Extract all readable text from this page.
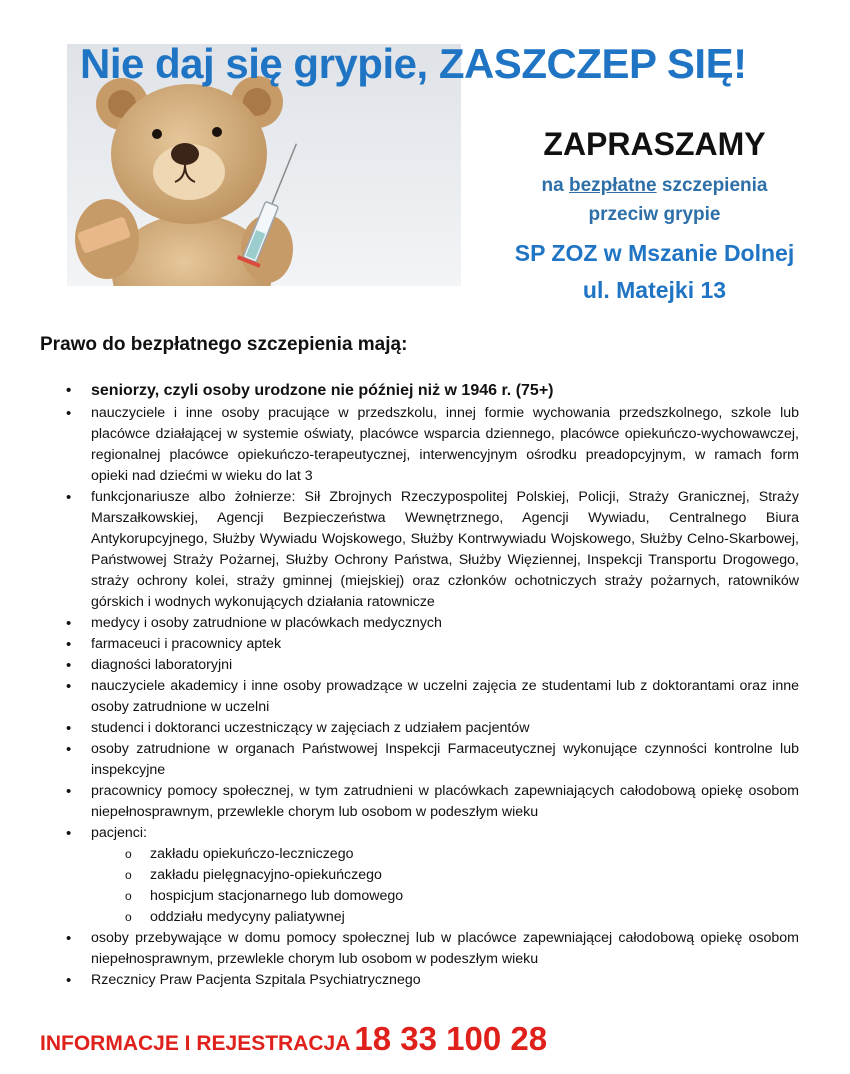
Nie daj się grypie, ZASZCZEP SIĘ!

ZAPRASZAMY

na bezpłatne szczepienia

przeciw grypie

SP ZOZ w Mszanie Dolnej

ul. Matejki 13

Prawo do bezpłatnego szczepienia mają:
• seniorzy, czyli osoby urodzone nie później niż w 1946 r. (75+)
• nauczyciele i inne osoby pracujące w przedszkolu, innej formie wychowania przedszkolnego, szkole lub placówce działającej w systemie oświaty, placówce wsparcia dziennego, placówce opiekuńczo-wychowawczej, regionalnej placówce opiekuńczo-terapeutycznej, interwencyjnym ośrodku preadopcyjnym, w ramach form opieki nad dziećmi w wieku do lat 3
• funkcjonariusze albo żołnierze: Sił Zbrojnych Rzeczypospolitej Polskiej, Policji, Straży Granicznej, Straży Marszałkowskiej, Agencji Bezpieczeństwa Wewnętrznego, Agencji Wywiadu, Centralnego Biura Antykorupcyjnego, Służby Wywiadu Wojskowego, Służby Kontrwywiadu Wojskowego, Służby Celno-Skarbowej, Państwowej Straży Pożarnej, Służby Ochrony Państwa, Służby Więziennej, Inspekcji Transportu Drogowego, straży ochrony kolei, straży gminnej (miejskiej) oraz członków ochotniczych straży pożarnych, ratowników górskich i wodnych wykonujących działania ratownicze
• medycy i osoby zatrudnione w placówkach medycznych
• farmaceuci i pracownicy aptek
• diagności laboratoryjni
• nauczyciele akademicy i inne osoby prowadzące w uczelni zajęcia ze studentami lub z doktorantami oraz inne osoby zatrudnione w uczelni
• studenci i doktoranci uczestniczący w zajęciach z udziałem pacjentów
• osoby zatrudnione w organach Państwowej Inspekcji Farmaceutycznej wykonujące czynności kontrolne lub inspekcyjne
• pracownicy pomocy społecznej, w tym zatrudnieni w placówkach zapewniających całodobową opiekę osobom niepełnosprawnym, przewlekle chorym lub osobom w podeszłym wieku
• pacjenci:
o zakładu opiekuńczo-leczniczego
o zakładu pielęgnacyjno-opiekuńczego
o hospicjum stacjonarnego lub domowego
o oddziału medycyny paliatywnej
• osoby przebywające w domu pomocy społecznej lub w placówce zapewniającej całodobową opiekę osobom niepełnosprawnym, przewlekle chorym lub osobom w podeszłym wieku
• Rzecznicy Praw Pacjenta Szpitala Psychiatrycznego

INFORMACJE I REJESTRACJA 18 33 100 28
